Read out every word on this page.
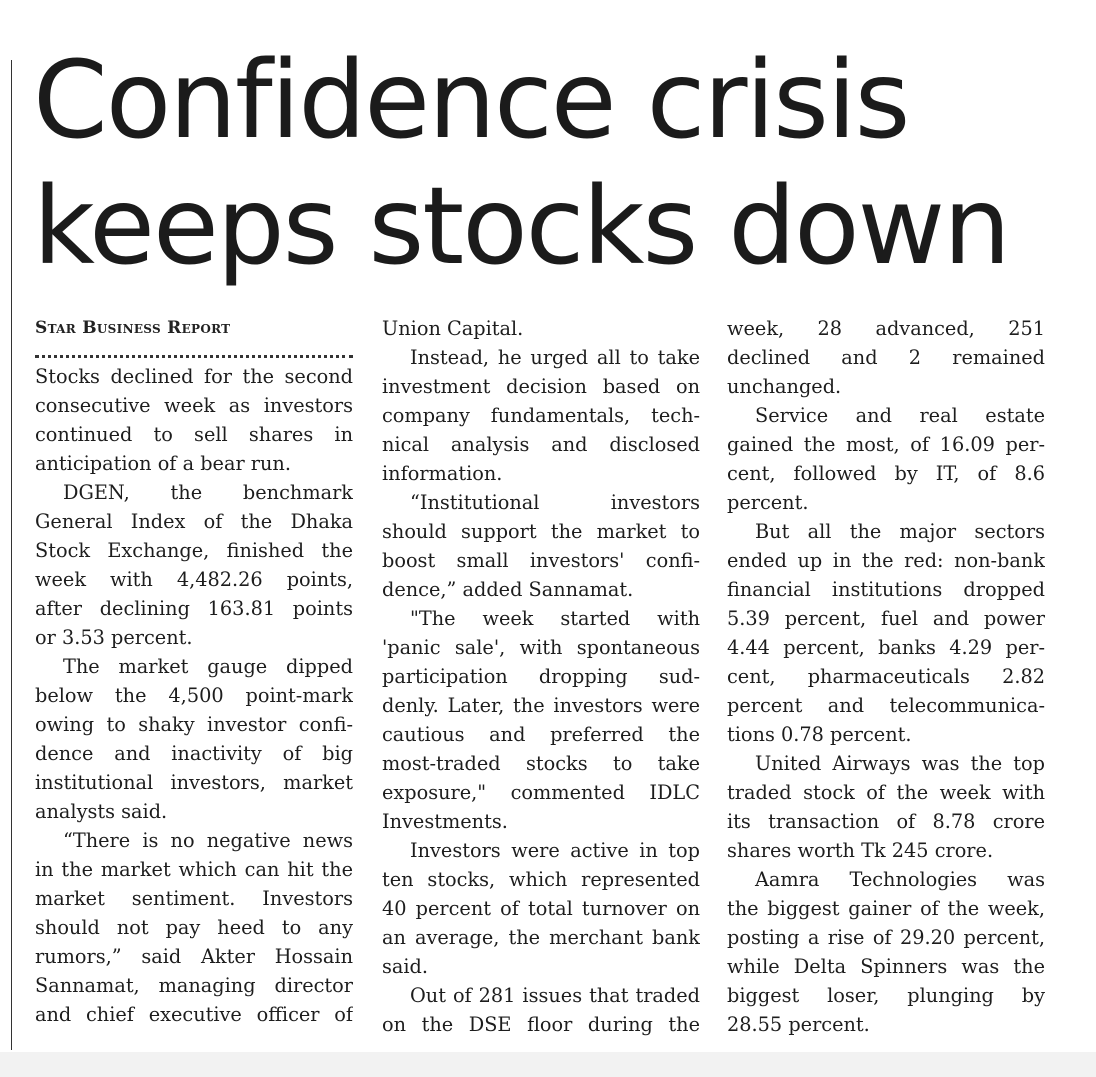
Confidence crisis
keeps stocks down
Star Business Report
Stocks declined for the second
consecutive week as investors
continued to sell shares in
anticipation of a bear run.
DGEN, the benchmark
General Index of the Dhaka
Stock Exchange, finished the
week with 4,482.26 points,
after declining 163.81 points
or 3.53 percent.
The market gauge dipped
below the 4,500 point-mark
owing to shaky investor confi-
dence and inactivity of big
institutional investors, market
analysts said.
“There is no negative news
in the market which can hit the
market sentiment. Investors
should not pay heed to any
rumors,” said Akter Hossain
Sannamat, managing director
and chief executive officer of
Union Capital.
Instead, he urged all to take
investment decision based on
company fundamentals, tech-
nical analysis and disclosed
information.
“Institutional investors
should support the market to
boost small investors' confi-
dence,” added Sannamat.
"The week started with
'panic sale', with spontaneous
participation dropping sud-
denly. Later, the investors were
cautious and preferred the
most-traded stocks to take
exposure," commented IDLC
Investments.
Investors were active in top
ten stocks, which represented
40 percent of total turnover on
an average, the merchant bank
said.
Out of 281 issues that traded
on the DSE floor during the
week, 28 advanced, 251
declined and 2 remained
unchanged.
Service and real estate
gained the most, of 16.09 per-
cent, followed by IT, of 8.6
percent.
But all the major sectors
ended up in the red: non-bank
financial institutions dropped
5.39 percent, fuel and power
4.44 percent, banks 4.29 per-
cent, pharmaceuticals 2.82
percent and telecommunica-
tions 0.78 percent.
United Airways was the top
traded stock of the week with
its transaction of 8.78 crore
shares worth Tk 245 crore.
Aamra Technologies was
the biggest gainer of the week,
posting a rise of 29.20 percent,
while Delta Spinners was the
biggest loser, plunging by
28.55 percent.
